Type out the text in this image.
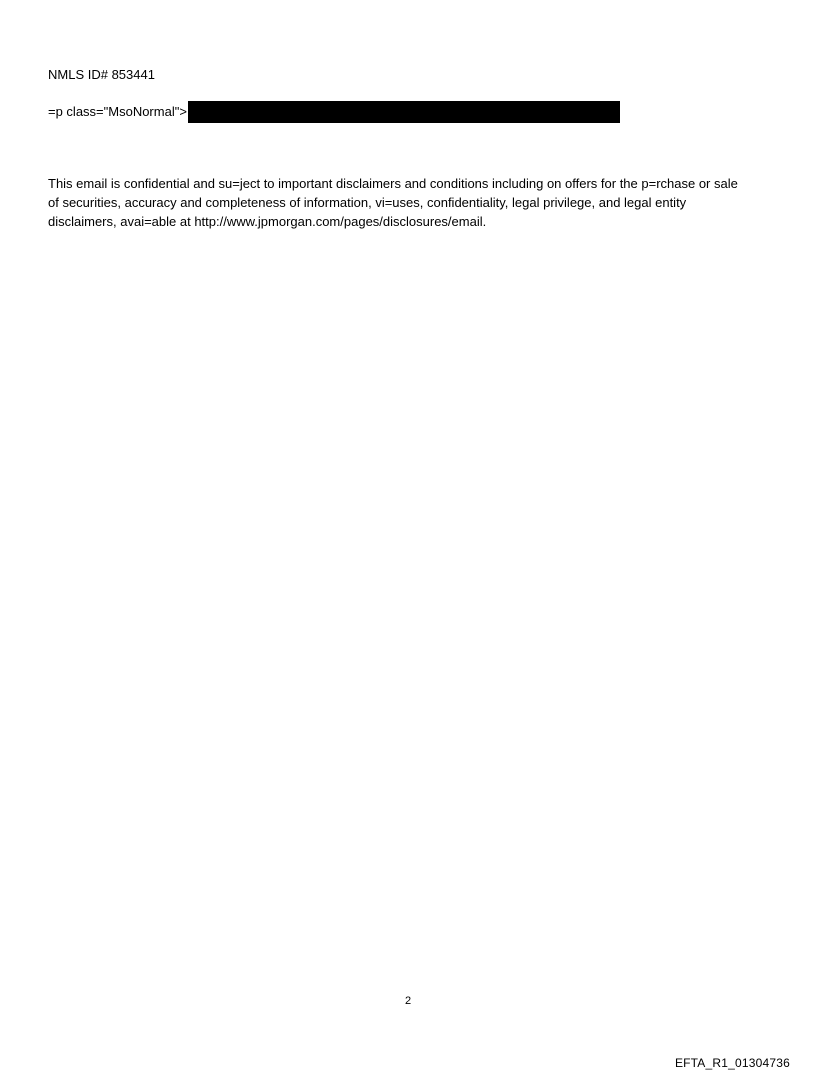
NMLS ID# 853441
=p class="MsoNormal">
This email is confidential and su=ject to important disclaimers and conditions including on offers for the p=rchase or sale
of securities, accuracy and completeness of information, vi=uses, confidentiality, legal privilege, and legal entity
disclaimers, avai=able at http://www.jpmorgan.com/pages/disclosures/email.
2
EFTA_R1_01304736
